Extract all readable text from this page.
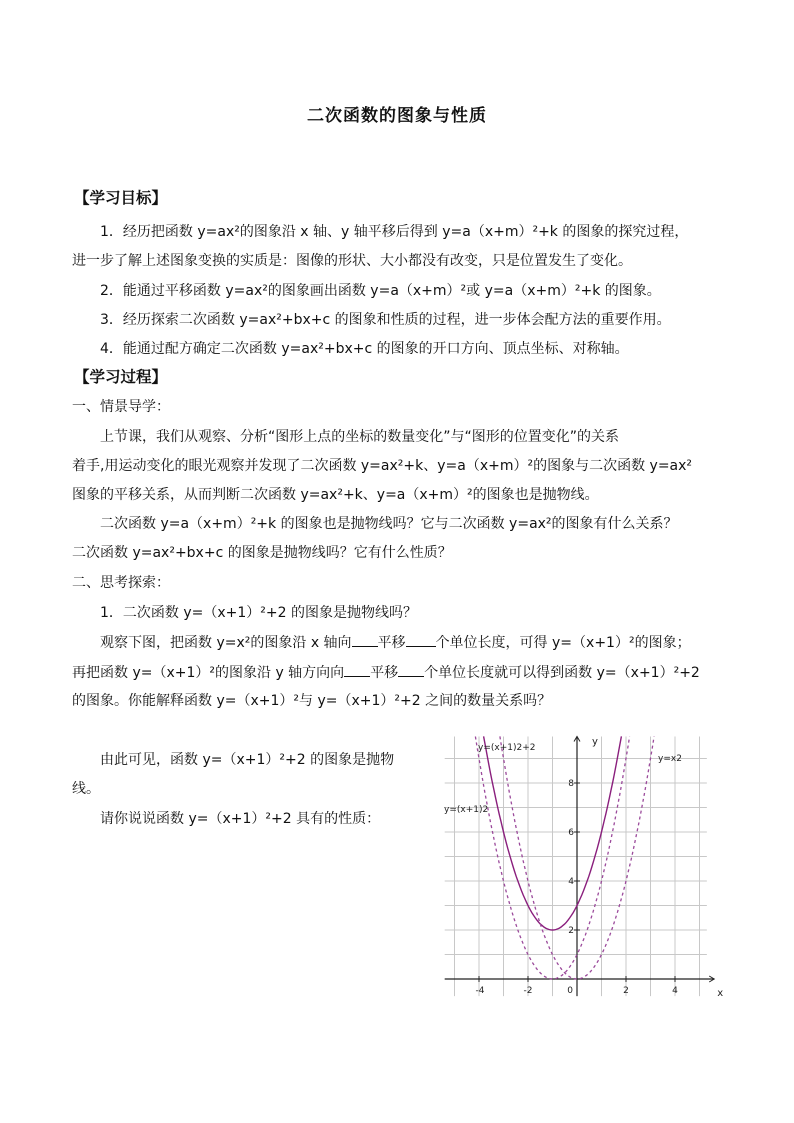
二次函数的图象与性质
【学习目标】
1．经历把函数 y=ax²的图象沿 x 轴、y 轴平移后得到 y=a（x+m）²+k 的图象的探究过程，
进一步了解上述图象变换的实质是：图像的形状、大小都没有改变，只是位置发生了变化。
2．能通过平移函数 y=ax²的图象画出函数 y=a（x+m）²或 y=a（x+m）²+k 的图象。
3．经历探索二次函数 y=ax²+bx+c 的图象和性质的过程，进一步体会配方法的重要作用。
4．能通过配方确定二次函数 y=ax²+bx+c 的图象的开口方向、顶点坐标、对称轴。
【学习过程】
一、情景导学：
上节课，我们从观察、分析“图形上点的坐标的数量变化”与“图形的位置变化”的关系
着手,用运动变化的眼光观察并发现了二次函数 y=ax²+k、y=a（x+m）²的图象与二次函数 y=ax²
图象的平移关系，从而判断二次函数 y=ax²+k、y=a（x+m）²的图象也是抛物线。
二次函数 y=a（x+m）²+k 的图象也是抛物线吗？它与二次函数 y=ax²的图象有什么关系？
二次函数 y=ax²+bx+c 的图象是抛物线吗？它有什么性质？
二、思考探索：
1．二次函数 y=（x+1）²+2 的图象是抛物线吗？
观察下图，把函数 y=x²的图象沿 x 轴向 平移 个单位长度，可得 y=（x+1）²的图象；
再把函数 y=（x+1）²的图象沿 y 轴方向向 平移 个单位长度就可以得到函数 y=（x+1）²+2
的图象。你能解释函数 y=（x+1）²与 y=（x+1）²+2 之间的数量关系吗？
由此可见，函数 y=（x+1）²+2 的图象是抛物
线。
请你说说函数 y=（x+1）²+2 具有的性质：
-4	-2	2	4
0
2
4
6
8
y
x
y=(x+1)2+2
y=(x+1)2
y=x2
